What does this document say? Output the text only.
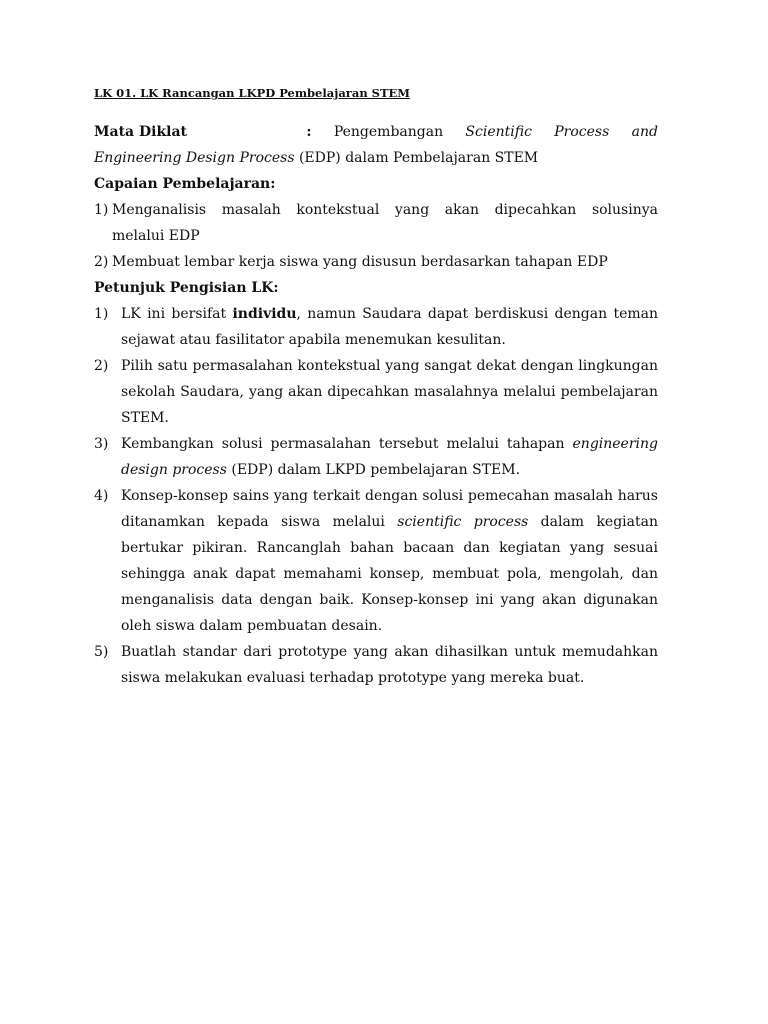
LK 01. LK Rancangan LKPD Pembelajaran STEM
Mata Diklat	: Pengembangan Scientific Process and
Engineering Design Process (EDP) dalam Pembelajaran STEM
Capaian Pembelajaran:
1) Menganalisis masalah kontekstual yang akan dipecahkan solusinya
melalui EDP
2) Membuat lembar kerja siswa yang disusun berdasarkan tahapan EDP
Petunjuk Pengisian LK:
1) LK ini bersifat individu, namun Saudara dapat berdiskusi dengan teman sejawat atau fasilitator apabila menemukan kesulitan.
2) Pilih satu permasalahan kontekstual yang sangat dekat dengan lingkungan sekolah Saudara, yang akan dipecahkan masalahnya melalui pembelajaran STEM.
3) Kembangkan solusi permasalahan tersebut melalui tahapan engineering design process (EDP) dalam LKPD pembelajaran STEM.
4) Konsep-konsep sains yang terkait dengan solusi pemecahan masalah harus ditanamkan kepada siswa melalui scientific process dalam kegiatan bertukar pikiran. Rancanglah bahan bacaan dan kegiatan yang sesuai sehingga anak dapat memahami konsep, membuat pola, mengolah, dan menganalisis data dengan baik. Konsep-konsep ini yang akan digunakan oleh siswa dalam pembuatan desain.
5) Buatlah standar dari prototype yang akan dihasilkan untuk memudahkan siswa melakukan evaluasi terhadap prototype yang mereka buat.
